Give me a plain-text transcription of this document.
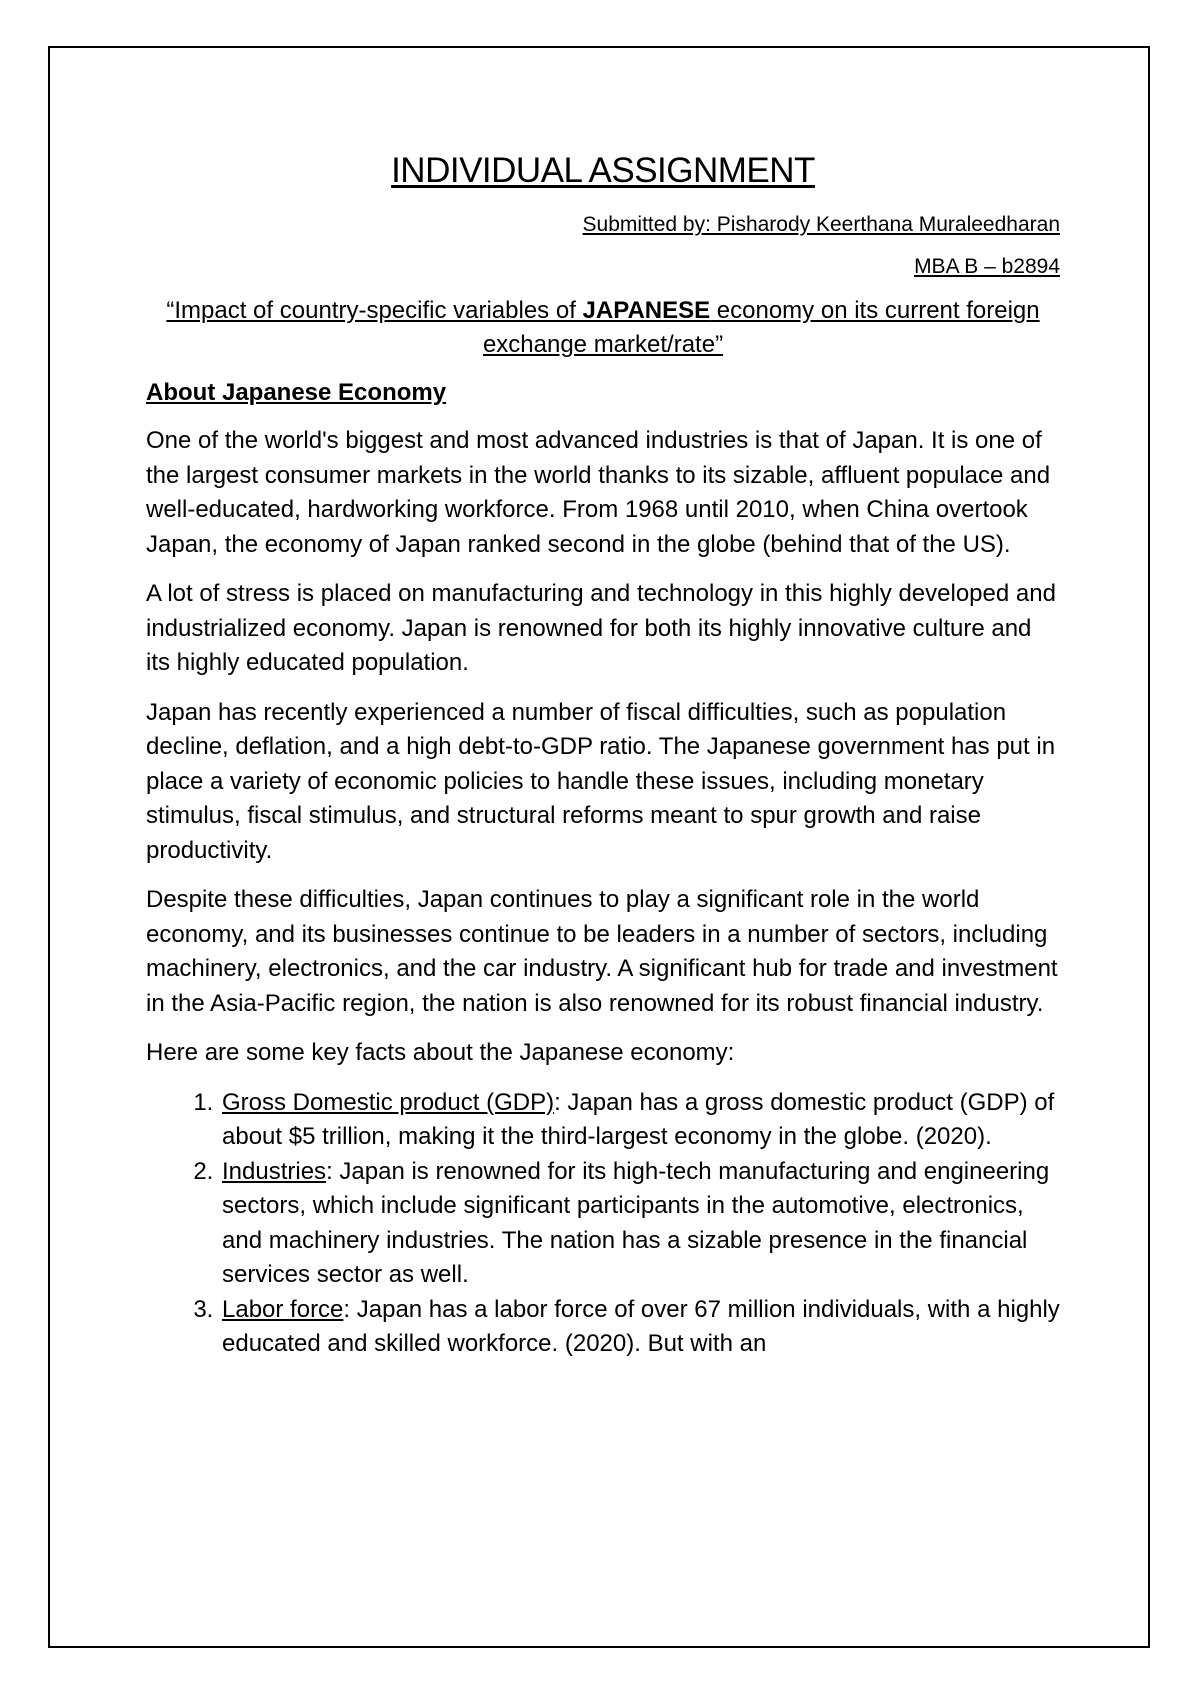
INDIVIDUAL ASSIGNMENT
Submitted by: Pisharody Keerthana Muraleedharan
MBA B – b2894
“Impact of country-specific variables of JAPANESE economy on its current foreign exchange market/rate”
About Japanese Economy

One of the world's biggest and most advanced industries is that of Japan. It is one of the largest consumer markets in the world thanks to its sizable, affluent populace and well-educated, hardworking workforce. From 1968 until 2010, when China overtook Japan, the economy of Japan ranked second in the globe (behind that of the US).

A lot of stress is placed on manufacturing and technology in this highly developed and industrialized economy. Japan is renowned for both its highly innovative culture and its highly educated population.

Japan has recently experienced a number of fiscal difficulties, such as population decline, deflation, and a high debt-to-GDP ratio. The Japanese government has put in place a variety of economic policies to handle these issues, including monetary stimulus, fiscal stimulus, and structural reforms meant to spur growth and raise productivity.

Despite these difficulties, Japan continues to play a significant role in the world economy, and its businesses continue to be leaders in a number of sectors, including machinery, electronics, and the car industry. A significant hub for trade and investment in the Asia-Pacific region, the nation is also renowned for its robust financial industry.

Here are some key facts about the Japanese economy:

1. Gross Domestic product (GDP): Japan has a gross domestic product (GDP) of about $5 trillion, making it the third-largest economy in the globe. (2020).
2. Industries: Japan is renowned for its high-tech manufacturing and engineering sectors, which include significant participants in the automotive, electronics, and machinery industries. The nation has a sizable presence in the financial services sector as well.
3. Labor force: Japan has a labor force of over 67 million individuals, with a highly educated and skilled workforce. (2020). But with an
